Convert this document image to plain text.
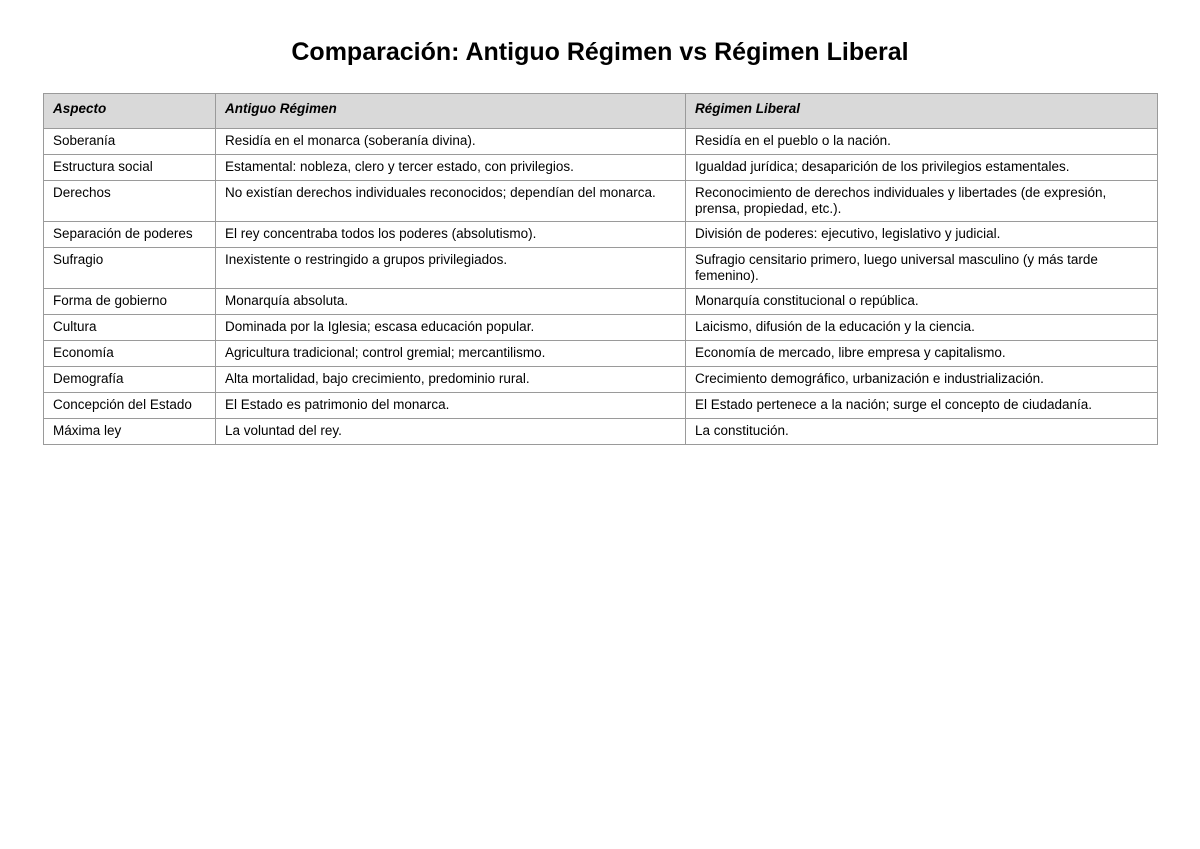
Comparación: Antiguo Régimen vs Régimen Liberal
Aspecto	Antiguo Régimen	Régimen Liberal
Soberanía	Residía en el monarca (soberanía divina).	Residía en el pueblo o la nación.
Estructura social	Estamental: nobleza, clero y tercer estado, con privilegios.	Igualdad jurídica; desaparición de los privilegios estamentales.
Derechos	No existían derechos individuales reconocidos; dependían del monarca.	Reconocimiento de derechos individuales y libertades (de expresión, prensa, propiedad, etc.).
Separación de poderes	El rey concentraba todos los poderes (absolutismo).	División de poderes: ejecutivo, legislativo y judicial.
Sufragio	Inexistente o restringido a grupos privilegiados.	Sufragio censitario primero, luego universal masculino (y más tarde femenino).
Forma de gobierno	Monarquía absoluta.	Monarquía constitucional o república.
Cultura	Dominada por la Iglesia; escasa educación popular.	Laicismo, difusión de la educación y la ciencia.
Economía	Agricultura tradicional; control gremial; mercantilismo.	Economía de mercado, libre empresa y capitalismo.
Demografía	Alta mortalidad, bajo crecimiento, predominio rural.	Crecimiento demográfico, urbanización e industrialización.
Concepción del Estado	El Estado es patrimonio del monarca.	El Estado pertenece a la nación; surge el concepto de ciudadanía.
Máxima ley	La voluntad del rey.	La constitución.
